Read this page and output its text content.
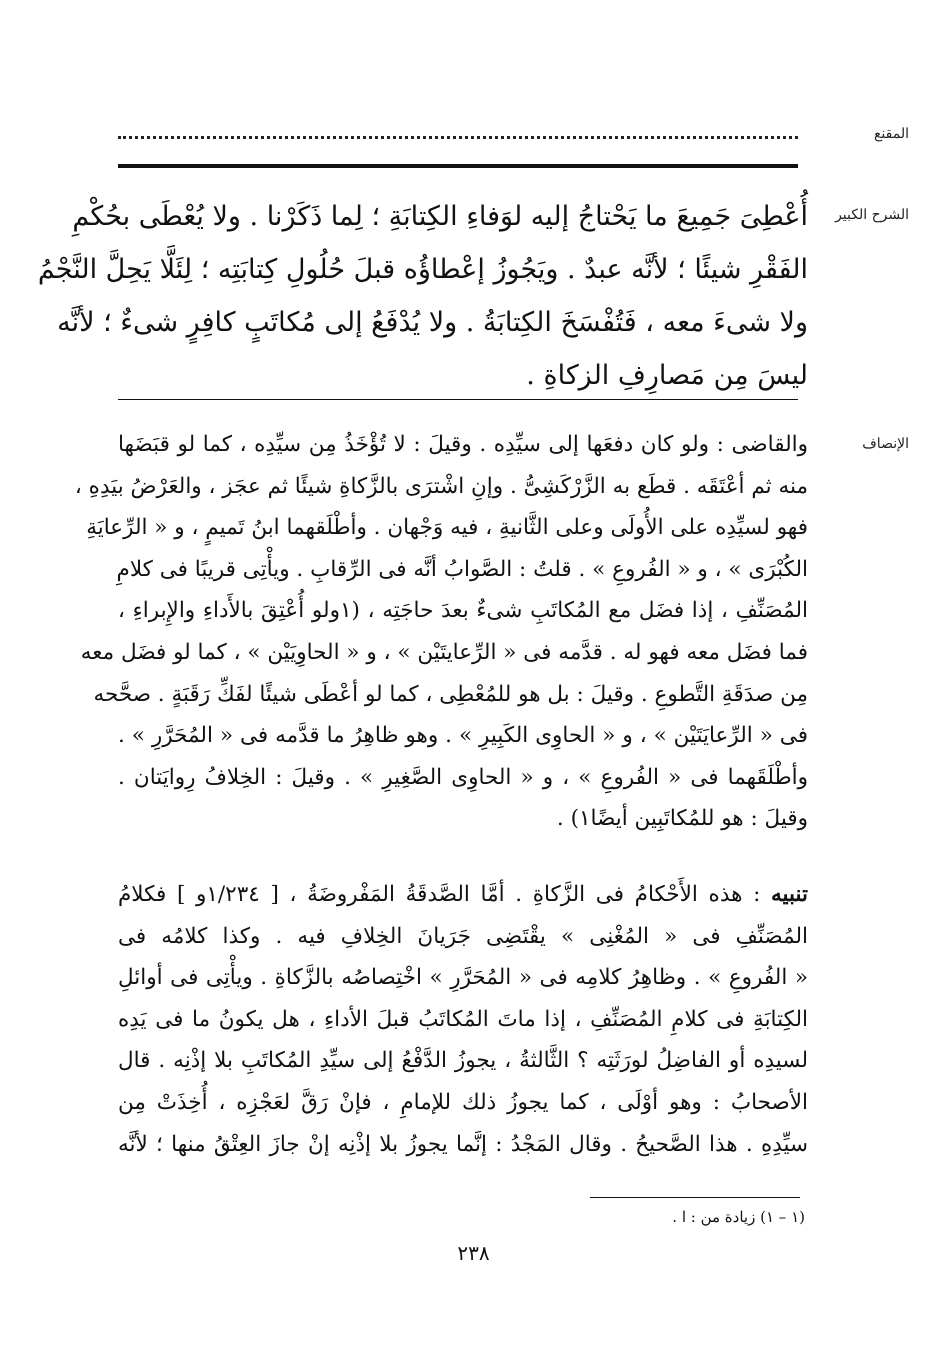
المقنع
الشرح الكبير
أُعْطِىَ جَمِيعَ ما يَحْتاجُ إليه لوَفاءِ الكِتابَةِ ؛ لِما ذَكَرْنا . ولا يُعْطَى بحُكْمِ
الفَقْرِ شيئًا ؛ لأنَّه عبدٌ . ويَجُوزُ إعْطاؤُه قبلَ حُلُولِ كِتابَتِه ؛ لِئَلَّا يَحِلَّ النَّجْمُ
ولا شىءَ معه ، فَتُفْسَخَ الكِتابَةُ . ولا يُدْفَعُ إلى مُكاتَبٍ كافِرٍ شىءٌ ؛ لأنَّه
ليسَ مِن مَصارِفِ الزكاةِ .
الإنصاف
والقاضى : ولو كان دفعَها إلى سيِّدِه . وقيلَ : لا تُؤْخَذُ مِن سيِّدِه ، كما لو قبَضَها
منه ثم أعْتَقَه . قطَع به الزَّرْكَشِىُّ . وإنِ اشْترَى بالزَّكاةِ شيئًا ثم عجَز ، والعَرْضُ بيَدِهِ ،
فهو لسيِّدِه على الأُولَى وعلى الثَّانيةِ ، فيه وَجْهان . وأطْلَقهما ابنُ تَميمٍ ، و « الرِّعايَةِ
الكُبْرَى » ، و « الفُروعِ » . قلتُ : الصَّوابُ أنَّه فى الرِّقابِ . ويأْتِى قريبًا فى كلامِ
المُصَنِّفِ ، إذا فضَل مع المُكاتَبِ شىءٌ بعدَ حاجَتِه ، (١ولو أُعْتِقَ بالأَداءِ والإِبراءِ ،
فما فضَل معه فهو له . قدَّمه فى « الرِّعايتَيْن » ، و « الحاوِيَيْن » ، كما لو فضَل معه
مِن صدَقَةِ التَّطوعِ . وقيلَ : بل هو للمُعْطِى ، كما لو أعْطَى شيئًا لفَكِّ رَقَبَةٍ . صحَّحه
فى « الرِّعايَتَيْن » ، و « الحاوِى الكَبِيرِ » . وهو ظاهِرُ ما قدَّمه فى « المُحَرَّرِ » .
وأطْلَقَهما فى « الفُروعِ » ، و « الحاوِى الصَّغِيرِ » . وقيلَ : الخِلافُ رِوايَتان .
وقيلَ : هو للمُكاتَبِين أيضًا١) .
تنبيه : هذه الأَحْكامُ فى الزَّكاةِ . أمَّا الصَّدقَةُ المَفْروضَةُ ، [ ١/٢٣٤و ] فكلامُ
المُصَنِّفِ فى « المُغْنِى » يقْتَضِى جَرَيانَ الخِلافِ فيه . وكذا كلامُه فى
« الفُروعِ » . وظاهِرُ كلامِه فى « المُحَرَّرِ » اخْتِصاصُه بالزَّكاةِ . ويأْتِى فى أوائلِ
الكِتابَةِ فى كلامِ المُصَنِّفِ ، إذا ماتَ المُكاتَبُ قبلَ الأداءِ ، هل يكونُ ما فى يَدِه
لسيدِه أو الفاضِلُ لورَثَتِه ؟ الثَّالثةُ ، يجوزُ الدَّفْعُ إلى سيِّدِ المُكاتَبِ بلا إذْنِه . قال
الأصحابُ : وهو أوْلَى ، كما يجوزُ ذلك للإمامِ ، فإنْ رَقَّ لعَجْزِه ، أُخِذَتْ مِن
سيِّدِهِ . هذا الصَّحيحُ . وقال المَجْدُ : إنَّما يجوزُ بلا إذْنِه إنْ جازَ العِتْقُ منها ؛ لأنَّه
(١ – ١) زيادة من : ا .
٢٣٨
